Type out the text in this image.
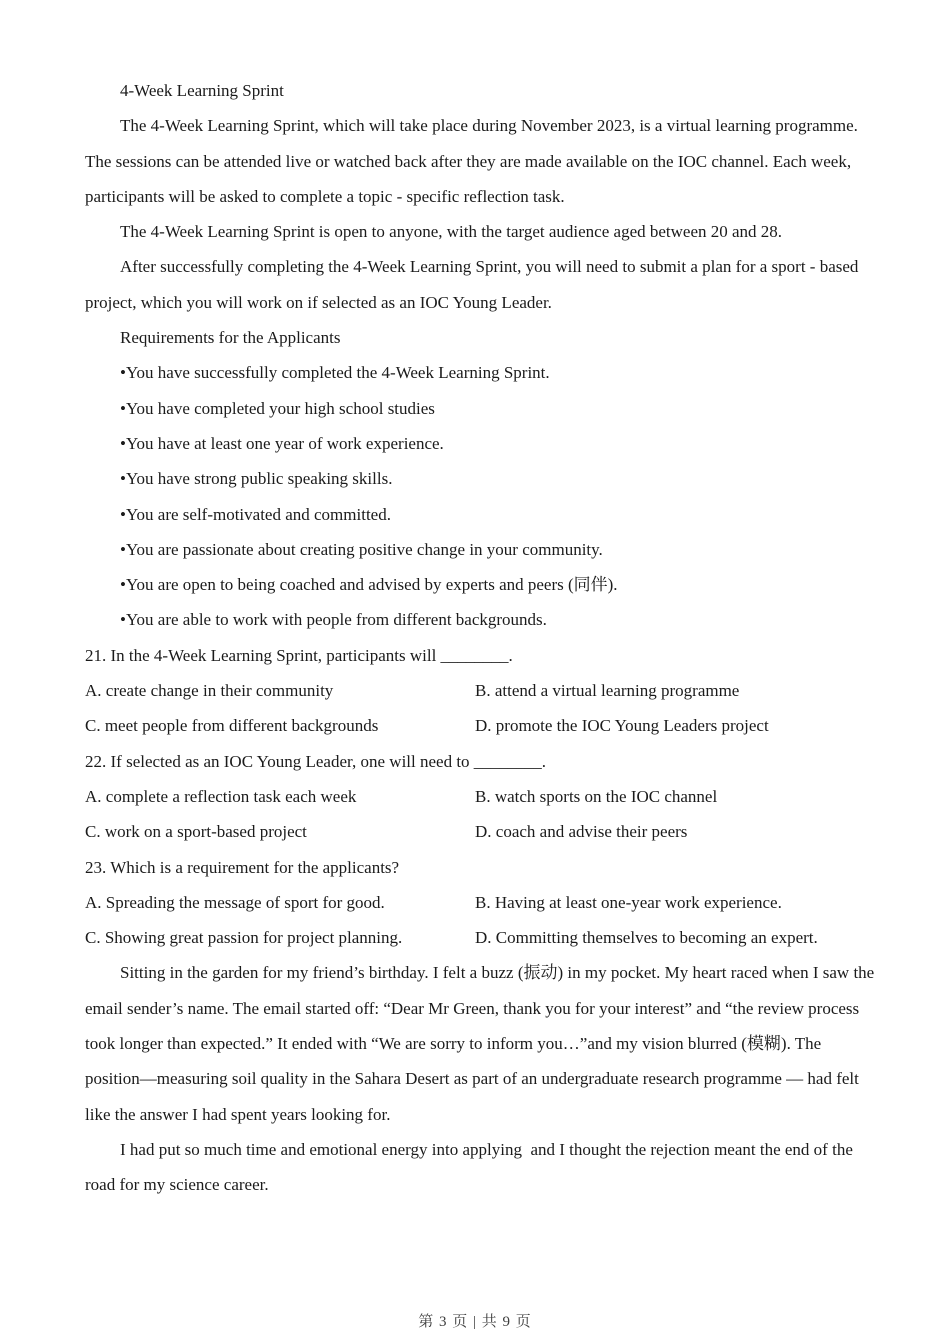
4-Week Learning Sprint
The 4-Week Learning Sprint, which will take place during November 2023, is a virtual learning programme.
The sessions can be attended live or watched back after they are made available on the IOC channel. Each week,
participants will be asked to complete a topic - specific reflection task.
The 4-Week Learning Sprint is open to anyone, with the target audience aged between 20 and 28.
After successfully completing the 4-Week Learning Sprint, you will need to submit a plan for a sport - based
project, which you will work on if selected as an IOC Young Leader.
Requirements for the Applicants
•You have successfully completed the 4-Week Learning Sprint.
•You have completed your high school studies
•You have at least one year of work experience.
•You have strong public speaking skills.
•You are self-motivated and committed.
•You are passionate about creating positive change in your community.
•You are open to being coached and advised by experts and peers (同伴).
•You are able to work with people from different backgrounds.
21. In the 4-Week Learning Sprint, participants will ________.
A. create change in their community	B. attend a virtual learning programme
C. meet people from different backgrounds	D. promote the IOC Young Leaders project
22. If selected as an IOC Young Leader, one will need to ________.
A. complete a reflection task each week	B. watch sports on the IOC channel
C. work on a sport-based project	D. coach and advise their peers
23. Which is a requirement for the applicants?
A. Spreading the message of sport for good.	B. Having at least one-year work experience.
C. Showing great passion for project planning.	D. Committing themselves to becoming an expert.
Sitting in the garden for my friend’s birthday. I felt a buzz (振动) in my pocket. My heart raced when I saw the
email sender’s name. The email started off: “Dear Mr Green, thank you for your interest” and “the review process
took longer than expected.” It ended with “We are sorry to inform you…”and my vision blurred (模糊). The
position—measuring soil quality in the Sahara Desert as part of an undergraduate research programme — had felt
like the answer I had spent years looking for.
I had put so much time and emotional energy into applying  and I thought the rejection meant the end of the
road for my science career.
第 3 页 | 共 9 页
